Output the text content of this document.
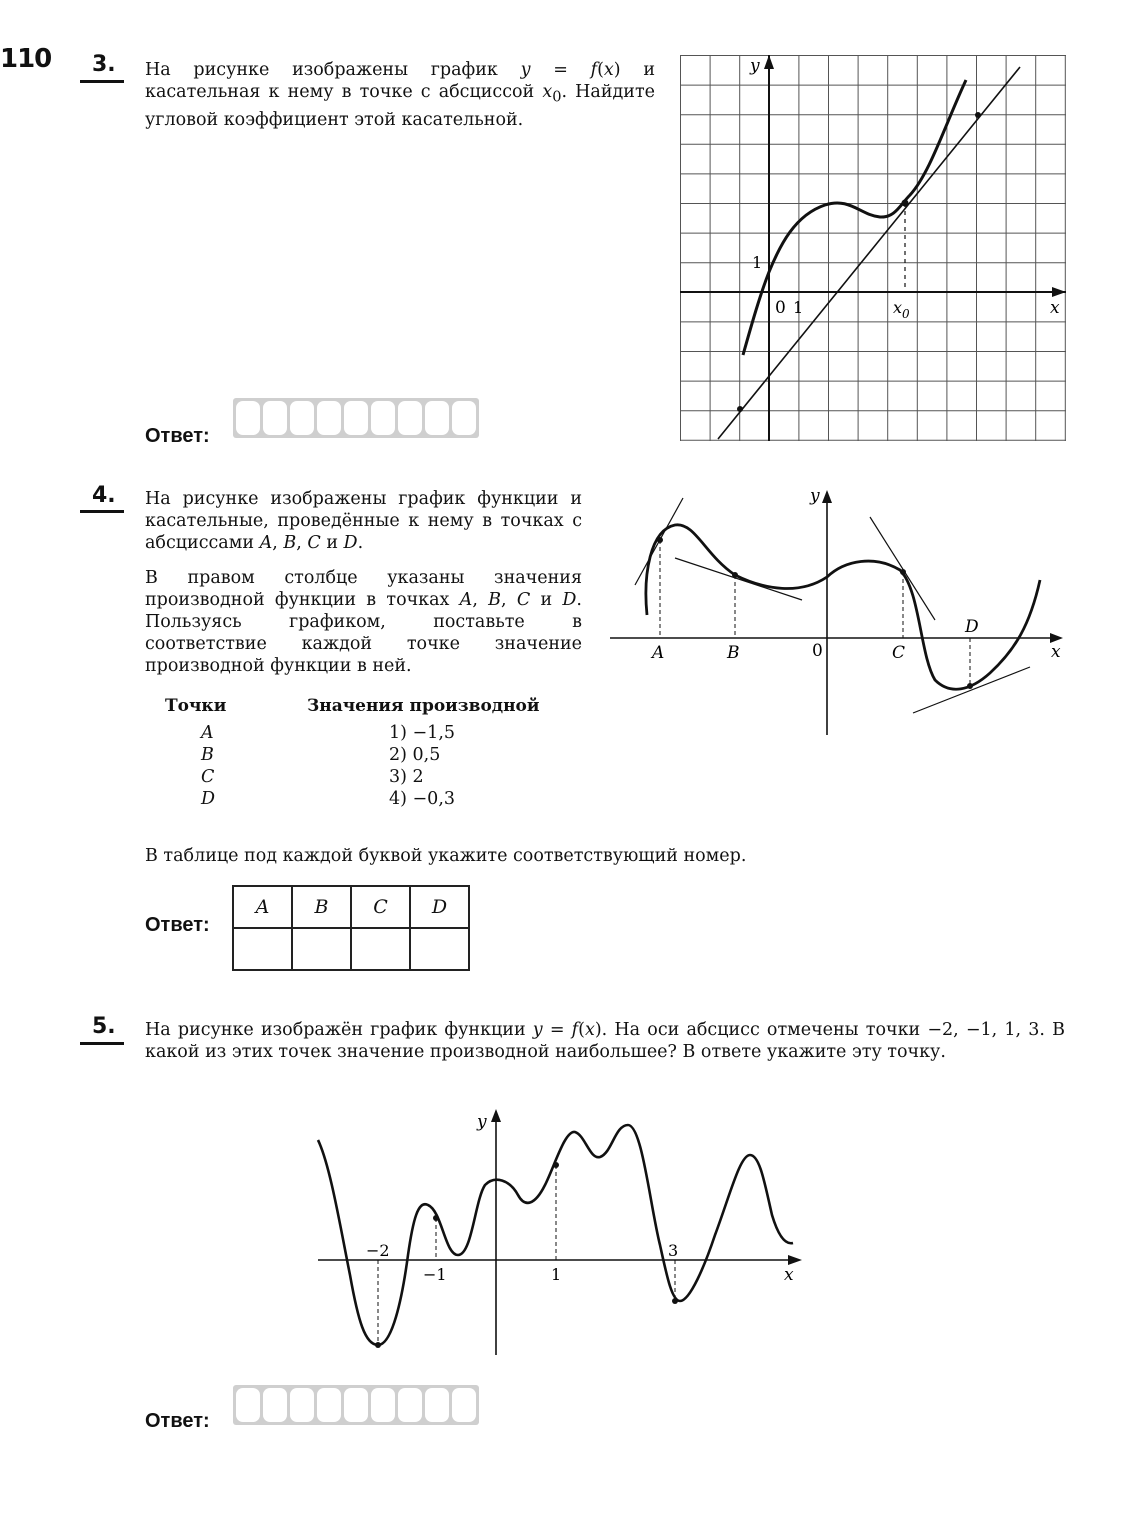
110 3. На рисунке изображены график y = f(x) и касательная к нему в точке с абсциссой $x_0$. Найдите угловой коэффициент этой касательной.
y
x
0 1
1
$x_0$
Ответ:
4. На рисунке изображены график функции и касательные, проведённые к нему в точках с абсциссами A, B, C и D.
В правом столбце указаны значения производной функции в точках A, B, C и D. Пользуясь графиком, поставьте в соответствие каждой точке значение производной функции в ней.
Точки	Значения производной
A	1) −1,5
B	2) 0,5
C	3) 2
D	4) −0,3
y
x
0
A	B	C
D
В таблице под каждой буквой укажите соответствующий номер.
Ответ:
A	B	C	D

5. На рисунке изображён график функции y = f(x). На оси абсцисс отмечены точки −2, −1, 1, 3. В какой из этих точек значение производной наибольшее? В ответе укажите эту точку.
y
x
−2
−1	1
3
Ответ:
